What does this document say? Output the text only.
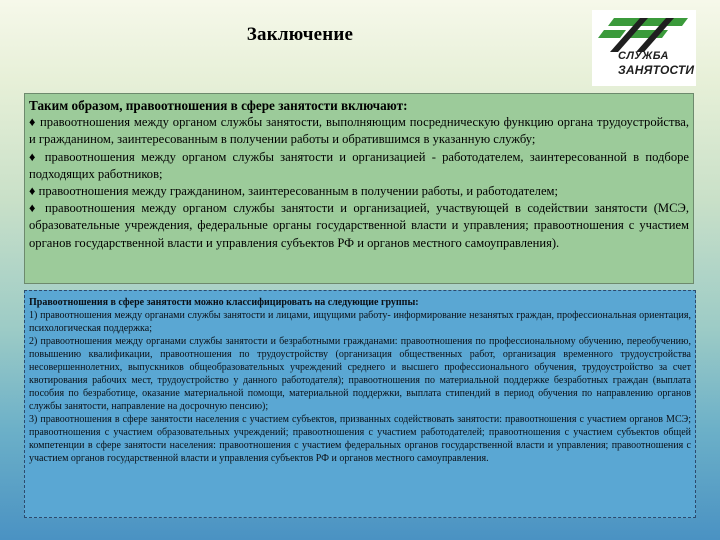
Заключение
СЛУЖБА
ЗАНЯТОСТИ

Таким образом, правоотношения в сфере занятости включают:

♦ правоотношения между органом службы занятости, выполняющим посредническую функцию органа трудоустройства, и гражданином, заинтересованным в получении работы и обратившимся в указанную службу;

♦ правоотношения между органом службы занятости и организацией - работодателем, заинтересованной в подборе подходящих работников;

♦ правоотношения между гражданином, заинтересованным в получении работы, и работодателем;

♦ правоотношения между органом службы занятости и организацией, участвующей в содействии занятости (МСЭ, образовательные учреждения, федеральные органы государственной власти и управления; правоотношения с участием органов государственной власти и управления субъектов РФ и органов местного самоуправления).

Правоотношения в сфере занятости можно классифицировать на следующие группы:

1) правоотношения между органами службы занятости и лицами, ищущими работу- информирование незанятых граждан, профессиональная ориентация, психологическая поддержка;

2) правоотношения между органами службы занятости и безработными гражданами: правоотношения по профессиональному обучению, переобучению, повышению квалификации, правоотношения по трудоустройству (организация общественных работ, организация временного трудоустройства несовершеннолетних, выпускников общеобразовательных учреждений среднего и высшего профессионального обучения, трудоустройство за счет квотирования рабочих мест, трудоустройство у данного работодателя); правоотношения по материальной поддержке безработных граждан (выплата пособия по безработице, оказание материальной помощи, материальной поддержки, выплата стипендий в период обучения по направлению органов службы занятости, направление на досрочную пенсию);

3) правоотношения в сфере занятости населения с участием субъектов, призванных содействовать занятости: правоотношения с участием органов МСЭ; правоотношения с участием образовательных учреждений; правоотношения с участием работодателей; правоотношения с участием субъектов общей компетенции в сфере занятости населения: правоотношения с участием федеральных органов государственной власти и управления; правоотношения с участием органов государственной власти и управления субъектов РФ и органов местного самоуправления.
